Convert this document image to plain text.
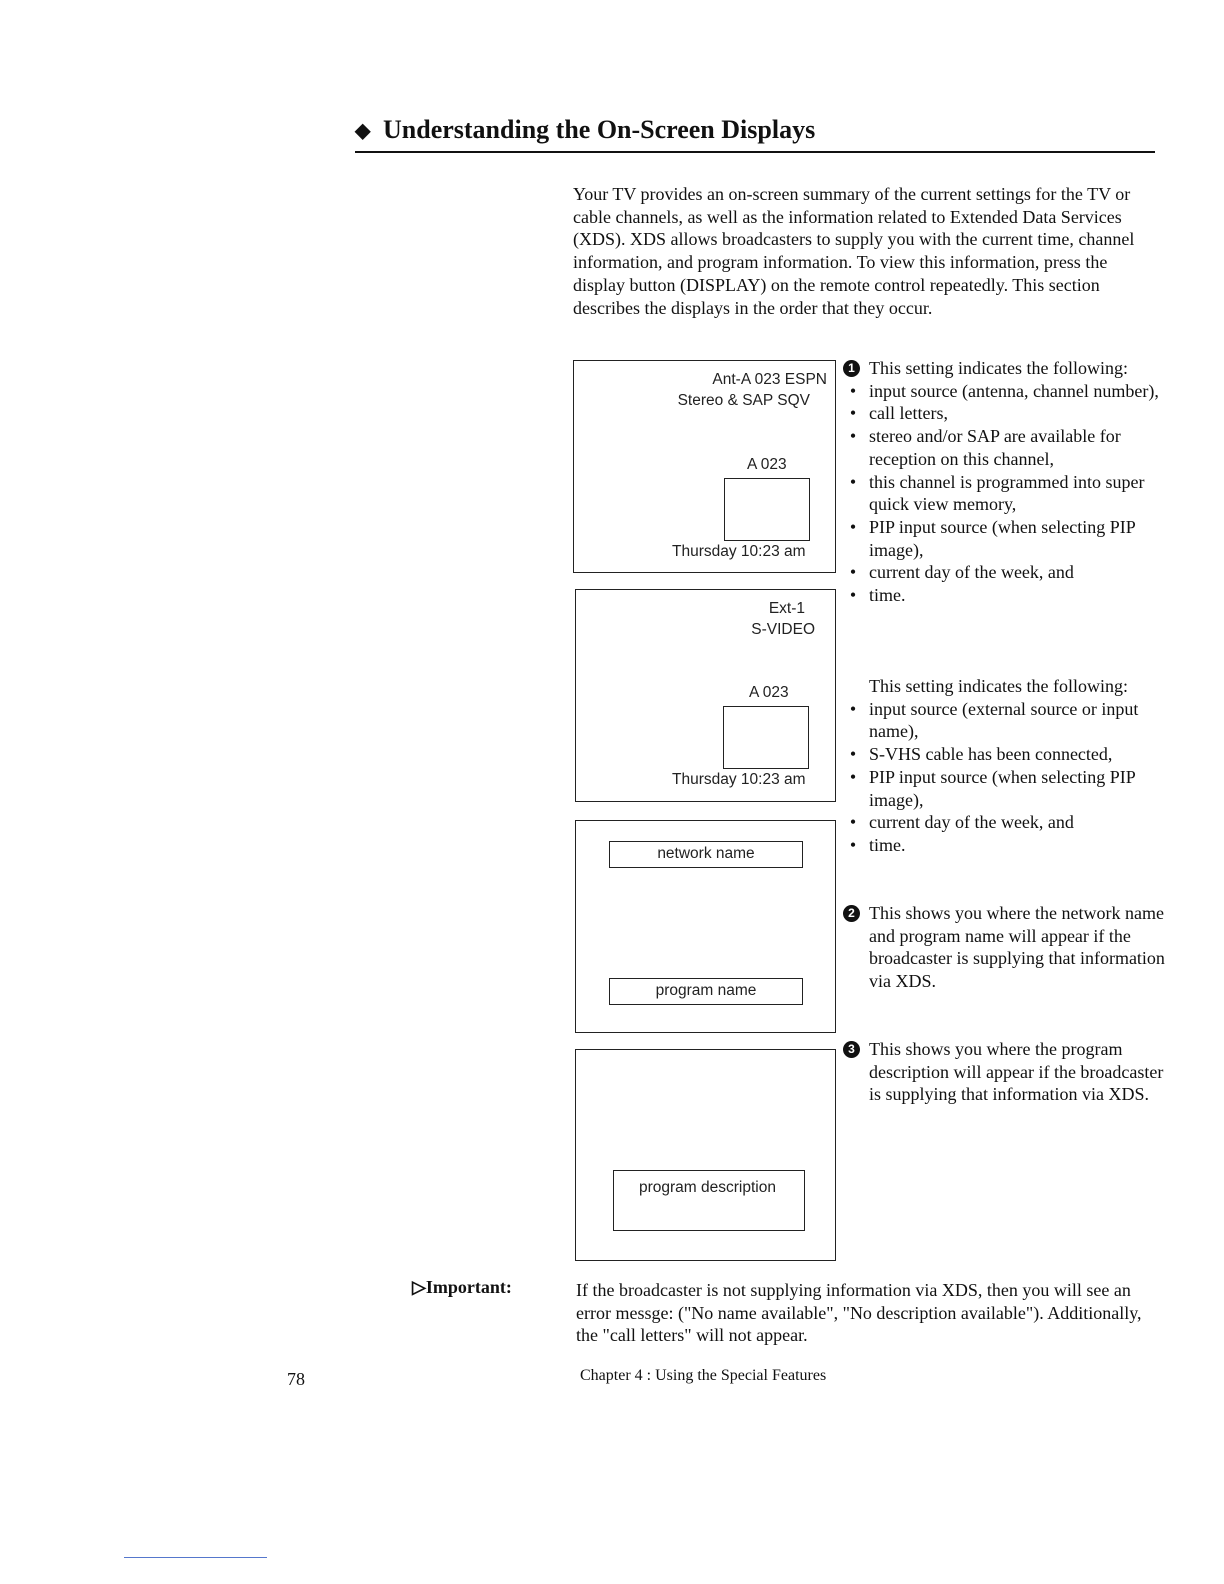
◆ Understanding the On-Screen Displays

Your TV provides an on-screen summary of the current settings for the TV or cable channels, as well as the information related to Extended Data Services (XDS). XDS allows broadcasters to supply you with the current time, channel information, and program information. To view this information, press the display button (DISPLAY) on the remote control repeatedly. This section describes the displays in the order that they occur.

Ant-A 023 ESPN
Stereo & SAP SQV
A 023
Thursday 10:23 am
Ext-1
S-VIDEO
A 023
Thursday 10:23 am
network name
program name
program description
1 This setting indicates the following:
• input source (antenna, channel number),
• call letters,
• stereo and/or SAP are available for reception on this channel,
• this channel is programmed into super quick view memory,
• PIP input source (when selecting PIP image),
• current day of the week, and
• time.
This setting indicates the following:
• input source (external source or input name),
• S-VHS cable has been connected,
• PIP input source (when selecting PIP image),
• current day of the week, and
• time.
2 This shows you where the network name and program name will appear if the broadcaster is supplying that information via XDS.
3 This shows you where the program description will appear if the broadcaster is supplying that information via XDS.
▷Important:	If the broadcaster is not supplying information via XDS, then you will see an error messge: ("No name available", "No description available"). Additionally, the "call letters" will not appear.

78	Chapter 4 : Using the Special Features
